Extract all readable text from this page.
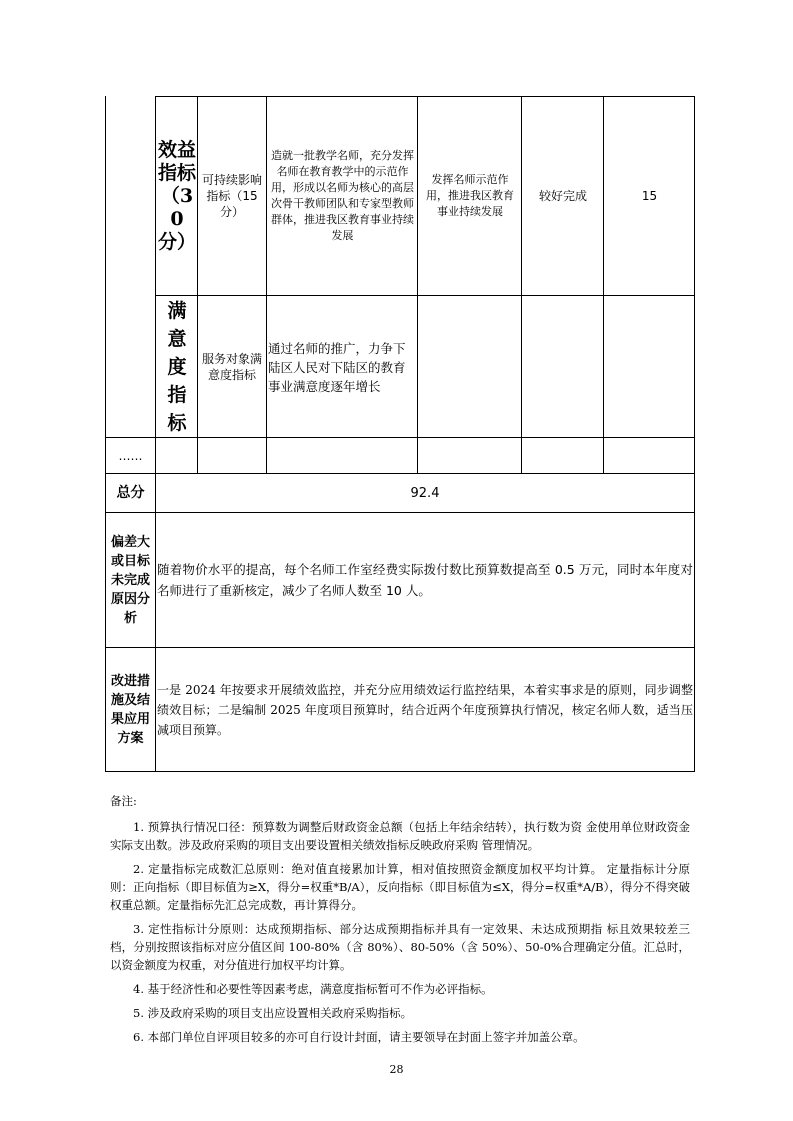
效益指标（30分）
可持续影响指标（15分）
造就一批教学名师，充分发挥名师在教育教学中的示范作用，形成以名师为核心的高层次骨干教师团队和专家型教师群体，推进我区教育事业持续发展
发挥名师示范作用，推进我区教育事业持续发展
较好完成	15
满意度指标
服务对象满意度指标
通过名师的推广，力争下陆区人民对下陆区的教育事业满意度逐年增长
……
总分	92.4
偏差大或目标未完成原因分析
随着物价水平的提高，每个名师工作室经费实际拨付数比预算数提高至 0.5 万元，同时本年度对名师进行了重新核定，减少了名师人数至 10 人。
改进措施及结果应用方案
一是 2024 年按要求开展绩效监控，并充分应用绩效运行监控结果，本着实事求是的原则，同步调整绩效目标；二是编制 2025 年度项目预算时，结合近两个年度预算执行情况，核定名师人数，适当压减项目预算。

备注:

1. 预算执行情况口径：预算数为调整后财政资金总额（包括上年结余结转），执行数为资 金使用单位财政资金实际支出数。涉及政府采购的项目支出要设置相关绩效指标反映政府采购 管理情况。

2. 定量指标完成数汇总原则：绝对值直接累加计算，相对值按照资金额度加权平均计算。 定量指标计分原则：正向指标（即目标值为≥X，得分=权重*B/A），反向指标（即目标值为≤X，得分=权重*A/B），得分不得突破权重总额。定量指标先汇总完成数，再计算得分。

3. 定性指标计分原则：达成预期指标、部分达成预期指标并具有一定效果、未达成预期指 标且效果较差三档，分别按照该指标对应分值区间 100-80%（含 80%）、80-50%（含 50%）、50-0%合理确定分值。汇总时，以资金额度为权重，对分值进行加权平均计算。

4. 基于经济性和必要性等因素考虑，满意度指标暂可不作为必评指标。

5. 涉及政府采购的项目支出应设置相关政府采购指标。

6. 本部门单位自评项目较多的亦可自行设计封面，请主要领导在封面上签字并加盖公章。

28
